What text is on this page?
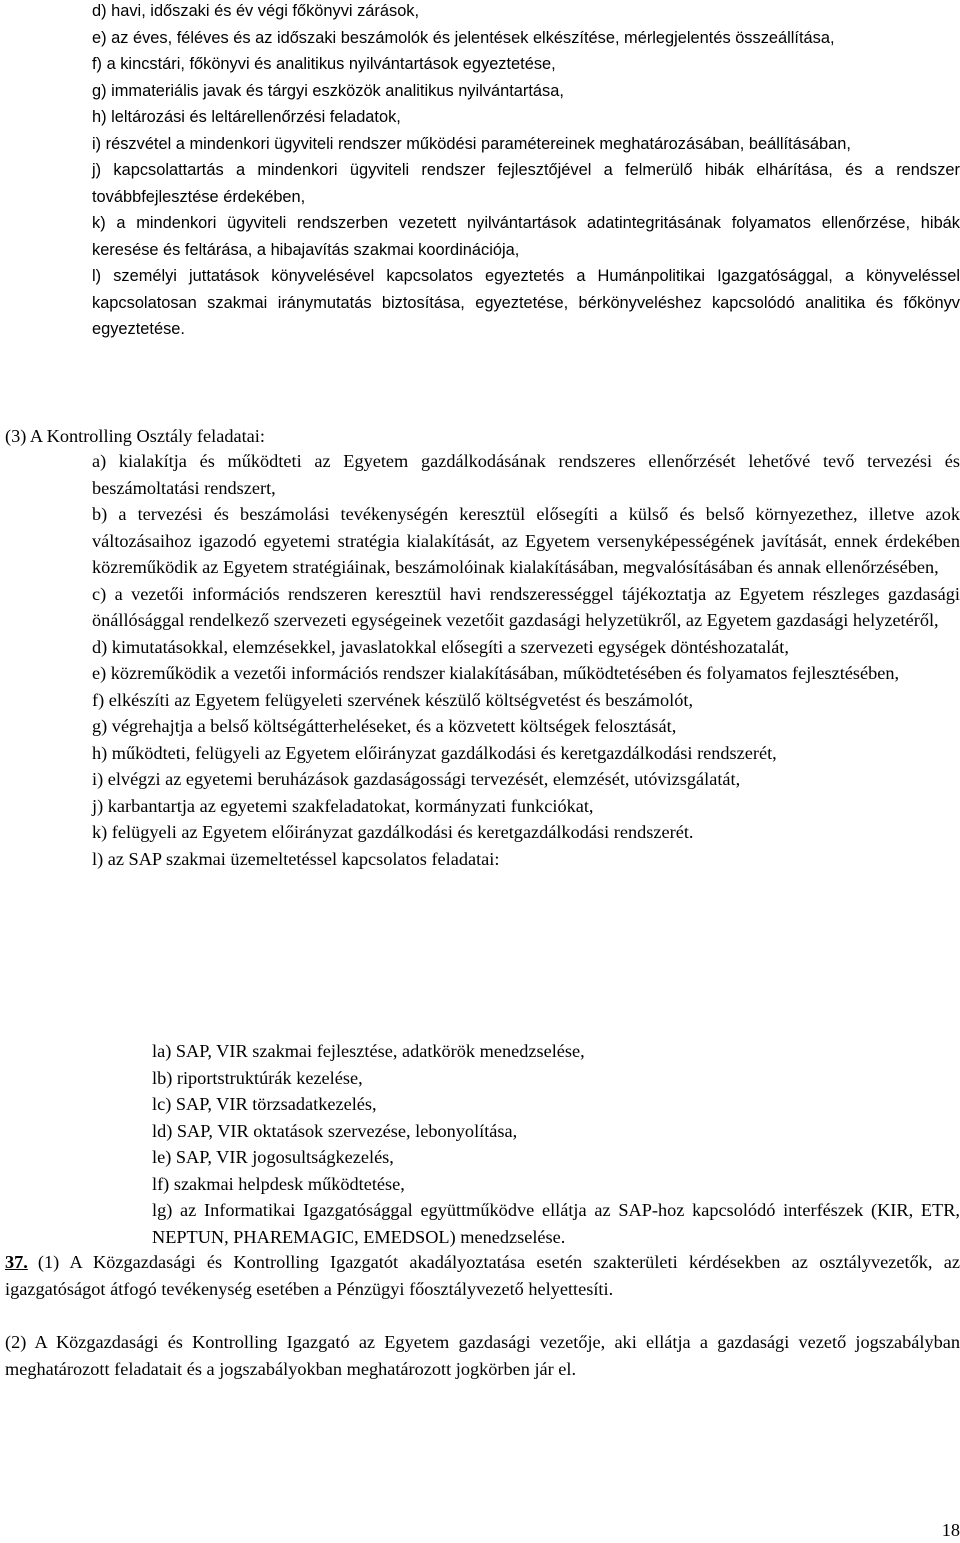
d) havi, időszaki és év végi főkönyvi zárások,

e) az éves, féléves és az időszaki beszámolók és jelentések elkészítése, mérlegjelentés összeállítása,

f) a kincstári, főkönyvi és analitikus nyilvántartások egyeztetése,

g) immateriális javak és tárgyi eszközök analitikus nyilvántartása,

h) leltározási és leltárellenőrzési feladatok,

i) részvétel a mindenkori ügyviteli rendszer működési paramétereinek meghatározásában, beállításában,

j) kapcsolattartás a mindenkori ügyviteli rendszer fejlesztőjével a felmerülő hibák elhárítása, és a rendszer továbbfejlesztése érdekében,

k) a mindenkori ügyviteli rendszerben vezetett nyilvántartások adatintegritásának folyamatos ellenőrzése, hibák keresése és feltárása, a hibajavítás szakmai koordinációja,

l) személyi juttatások könyvelésével kapcsolatos egyeztetés a Humánpolitikai Igazgatósággal, a könyveléssel kapcsolatosan szakmai iránymutatás biztosítása, egyeztetése, bérkönyveléshez kapcsolódó analitika és főkönyv egyeztetése.

(3) A Kontrolling Osztály feladatai:

a) kialakítja és működteti az Egyetem gazdálkodásának rendszeres ellenőrzését lehetővé tevő tervezési és beszámoltatási rendszert,

b) a tervezési és beszámolási tevékenységén keresztül elősegíti a külső és belső környezethez, illetve azok változásaihoz igazodó egyetemi stratégia kialakítását, az Egyetem versenyképességének javítását, ennek érdekében közreműködik az Egyetem stratégiáinak, beszámolóinak kialakításában, megvalósításában és annak ellenőrzésében,

c) a vezetői információs rendszeren keresztül havi rendszerességgel tájékoztatja az Egyetem részleges gazdasági önállósággal rendelkező szervezeti egységeinek vezetőit gazdasági helyzetükről, az Egyetem gazdasági helyzetéről,

d) kimutatásokkal, elemzésekkel, javaslatokkal elősegíti a szervezeti egységek döntéshozatalát,

e) közreműködik a vezetői információs rendszer kialakításában, működtetésében és folyamatos fejlesztésében,

f) elkészíti az Egyetem felügyeleti szervének készülő költségvetést és beszámolót,

g) végrehajtja a belső költségátterheléseket, és a közvetett költségek felosztását,

h) működteti, felügyeli az Egyetem előirányzat gazdálkodási és keretgazdálkodási rendszerét,

i) elvégzi az egyetemi beruházások gazdaságossági tervezését, elemzését, utóvizsgálatát,

j) karbantartja az egyetemi szakfeladatokat, kormányzati funkciókat,

k) felügyeli az Egyetem előirányzat gazdálkodási és keretgazdálkodási rendszerét.

l) az SAP szakmai üzemeltetéssel kapcsolatos feladatai:

la) SAP, VIR szakmai fejlesztése, adatkörök menedzselése,

lb) riportstruktúrák kezelése,

lc) SAP, VIR törzsadatkezelés,

ld) SAP, VIR oktatások szervezése, lebonyolítása,

le) SAP, VIR jogosultságkezelés,

lf) szakmai helpdesk működtetése,

lg) az Informatikai Igazgatósággal együttműködve ellátja az SAP-hoz kapcsolódó interfészek (KIR, ETR, NEPTUN, PHAREMAGIC, EMEDSOL) menedzselése.

37. (1) A Közgazdasági és Kontrolling Igazgatót akadályoztatása esetén szakterületi kérdésekben az osztályvezetők, az igazgatóságot átfogó tevékenység esetében a Pénzügyi főosztályvezető helyettesíti.

(2) A Közgazdasági és Kontrolling Igazgató az Egyetem gazdasági vezetője, aki ellátja a gazdasági vezető jogszabályban meghatározott feladatait és a jogszabályokban meghatározott jogkörben jár el.

18
